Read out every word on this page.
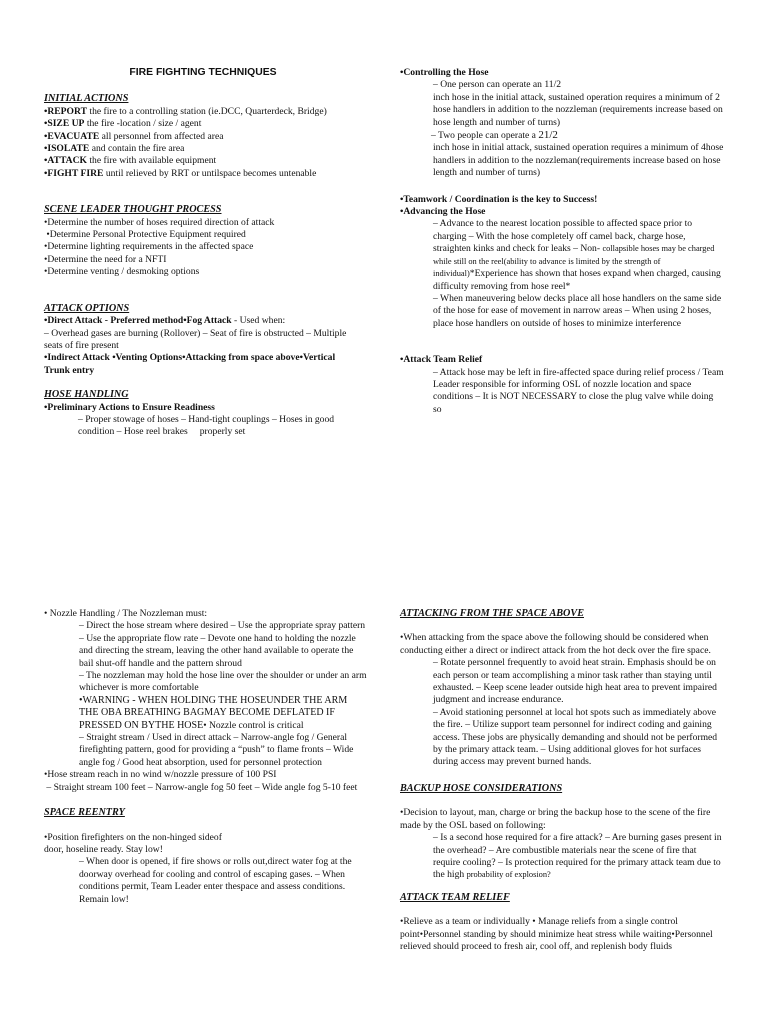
FIRE FIGHTING TECHNIQUES

INITIAL ACTIONS

•REPORT the fire to a controlling station (ie.DCC, Quarterdeck, Bridge)

•SIZE UP the fire -location / size / agent

•EVACUATE all personnel from affected area

•ISOLATE and contain the fire area

•ATTACK the fire with available equipment

•FIGHT FIRE until relieved by RRT or untilspace becomes untenable

SCENE LEADER THOUGHT PROCESS

•Determine the number of hoses required direction of attack

•Determine Personal Protective Equipment required

•Determine lighting requirements in the affected space

•Determine the need for a NFTI

•Determine venting / desmoking options

ATTACK OPTIONS

•Direct Attack - Preferred method•Fog Attack - Used when:

– Overhead gases are burning (Rollover) – Seat of fire is obstructed – Multiple seats of fire present

•Indirect Attack •Venting Options•Attacking from space above•Vertical Trunk entry

HOSE HANDLING

•Preliminary Actions to Ensure Readiness

– Proper stowage of hoses – Hand-tight couplings – Hoses in good condition – Hose reel brakes     properly set

•Controlling the Hose

– One person can operate an 11/2

inch hose in the initial attack, sustained operation requires a minimum of 2 hose handlers in addition to the nozzleman (requirements increase based on hose length and number of turns)

– Two people can operate a 21/2

inch hose in initial attack, sustained operation requires a minimum of 4hose handlers in addition to the nozzleman(requirements increase based on hose length and number of turns)

•Teamwork / Coordination is the key to Success!

•Advancing the Hose

– Advance to the nearest location possible to affected space prior to charging – With the hose completely off camel back, charge hose, straighten kinks and check for leaks – Non- collapsible hoses may be charged while still on the reel(ability to advance is limited by the strength of individual)*Experience has shown that hoses expand when charged, causing difficulty removing from hose reel*

– When maneuvering below decks place all hose handlers on the same side of the hose for ease of movement in narrow areas – When using 2 hoses, place hose handlers on outside of hoses to minimize interference

•Attack Team Relief

– Attack hose may be left in fire-affected space during relief process / Team Leader responsible for informing OSL of nozzle location and space conditions – It is NOT NECESSARY to close the plug valve while doing so

• Nozzle Handling / The Nozzleman must:

– Direct the hose stream where desired – Use the appropriate spray pattern – Use the appropriate flow rate – Devote one hand to holding the nozzle and directing the stream, leaving the other hand available to operate the bail shut-off handle and the pattern shroud

– The nozzleman may hold the hose line over the shoulder or under an arm whichever is more comfortable

•WARNING - WHEN HOLDING THE HOSEUNDER THE ARM THE OBA BREATHING BAGMAY BECOME DEFLATED IF PRESSED ON BYTHE HOSE• Nozzle control is critical

– Straight stream / Used in direct attack – Narrow-angle fog / General firefighting pattern, good for providing a “push” to flame fronts – Wide angle fog / Good heat absorption, used for personnel protection

•Hose stream reach in no wind w/nozzle pressure of 100 PSI

– Straight stream 100 feet – Narrow-angle fog 50 feet – Wide angle fog 5-10 feet

SPACE REENTRY

•Position firefighters on the non-hinged sideof door, hoseline ready. Stay low!

– When door is opened, if fire shows or rolls out,direct water fog at the doorway overhead for cooling and control of escaping gases. – When conditions permit, Team Leader enter thespace and assess conditions. Remain low!

ATTACKING FROM THE SPACE ABOVE

•When attacking from the space above the following should be considered when conducting either a direct or indirect attack from the hot deck over the fire space.

– Rotate personnel frequently to avoid heat strain. Emphasis should be on each person or team accomplishing a minor task rather than staying until exhausted. – Keep scene leader outside high heat area to prevent impaired judgment and increase endurance.

– Avoid stationing personnel at local hot spots such as immediately above the fire. – Utilize support team personnel for indirect coding and gaining access. These jobs are physically demanding and should not be performed by the primary attack team. – Using additional gloves for hot surfaces during access may prevent burned hands.

BACKUP HOSE CONSIDERATIONS

•Decision to layout, man, charge or bring the backup hose to the scene of the fire made by the OSL based on following:

– Is a second hose required for a fire attack? – Are burning gases present in the overhead? – Are combustible materials near the scene of fire that require cooling? – Is protection required for the primary attack team due to the high probability of explosion?

ATTACK TEAM RELIEF

•Relieve as a team or individually • Manage reliefs from a single control point•Personnel standing by should minimize heat stress while waiting•Personnel relieved should proceed to fresh air, cool off, and replenish body fluids
